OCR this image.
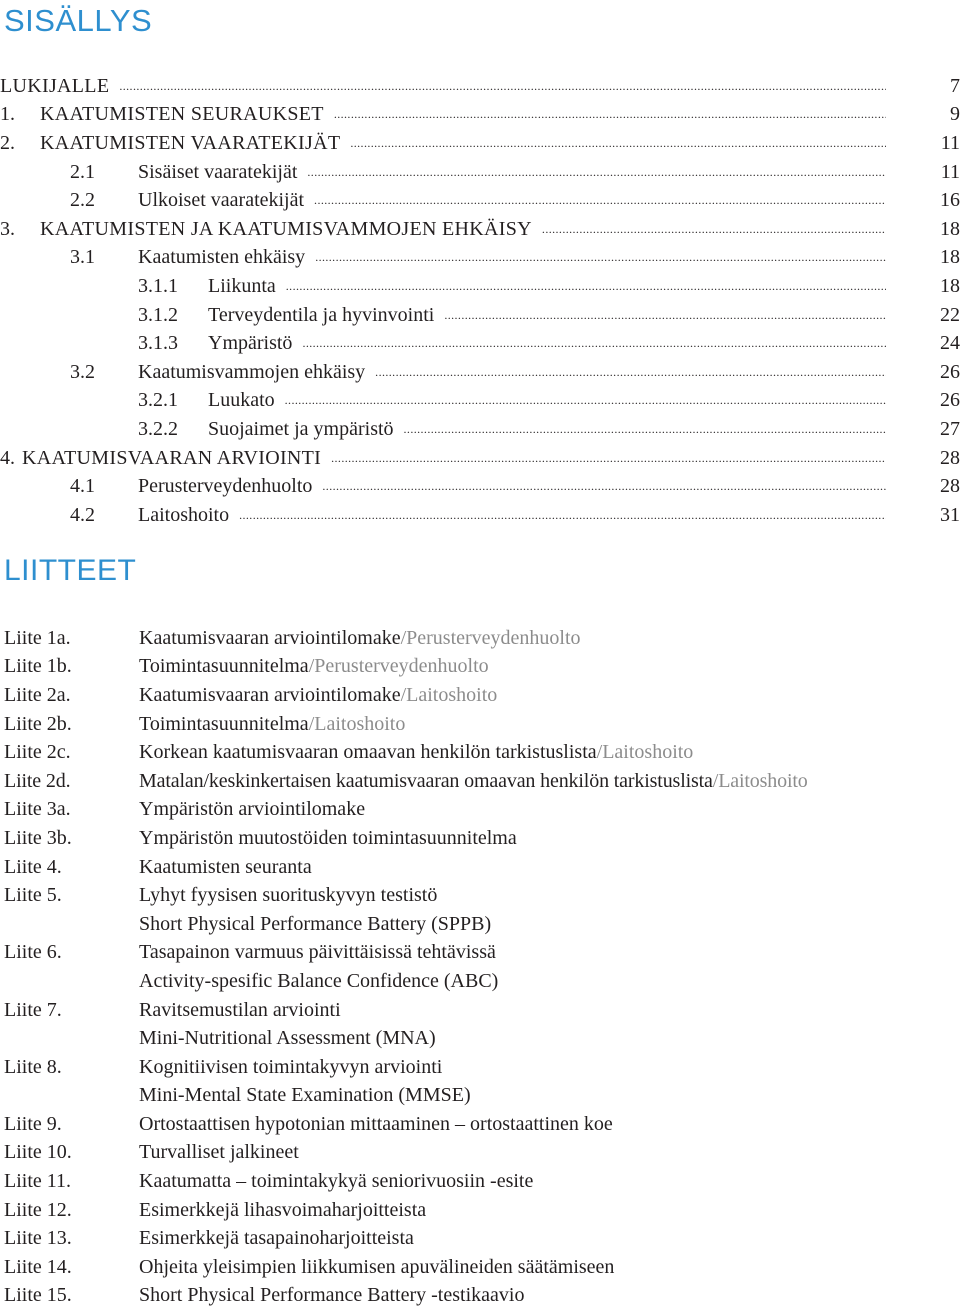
SISÄLLYS
LUKIJALLE .....	7
1.	KAATUMISTEN SEURAUKSET .....	9
2.	KAATUMISTEN VAARATEKIJÄT .....	11
2.1	Sisäiset vaaratekijät .....	11
2.2	Ulkoiset vaaratekijät .....	16
3.	KAATUMISTEN JA KAATUMISVAMMOJEN EHKÄISY .....	18
3.1	Kaatumisten ehkäisy .....	18
3.1.1	Liikunta .....	18
3.1.2	Terveydentila ja hyvinvointi .....	22
3.1.3	Ympäristö .....	24
3.2	Kaatumisvammojen ehkäisy .....	26
3.2.1	Luukato .....	26
3.2.2	Suojaimet ja ympäristö .....	27
4. KAATUMISVAARAN ARVIOINTI .....	28
4.1	Perusterveydenhuolto .....	28
4.2	Laitoshoito .....	31
LIITTEET
Liite 1a.	Kaatumisvaaran arviointilomake / Perusterveydenhuolto
Liite 1b.	Toimintasuunnitelma / Perusterveydenhuolto
Liite 2a.	Kaatumisvaaran arviointilomake / Laitoshoito
Liite 2b.	Toimintasuunnitelma / Laitoshoito
Liite 2c.	Korkean kaatumisvaaran omaavan henkilön tarkistuslista / Laitoshoito
Liite 2d.	Matalan/keskinkertaisen kaatumisvaaran omaavan henkilön tarkistuslista / Laitoshoito
Liite 3a.	Ympäristön arviointilomake
Liite 3b.	Ympäristön muutostöiden toimintasuunnitelma
Liite 4.	Kaatumisten seuranta
Liite 5.	Lyhyt fyysisen suorituskyvyn testistö
Short Physical Performance Battery (SPPB)
Liite 6.	Tasapainon varmuus päivittäisissä tehtävissä
Activity-spesific Balance Confidence (ABC)
Liite 7.	Ravitsemustilan arviointi
Mini-Nutritional Assessment (MNA)
Liite 8.	Kognitiivisen toimintakyvyn arviointi
Mini-Mental State Examination (MMSE)
Liite 9.	Ortostaattisen hypotonian mittaaminen – ortostaattinen koe
Liite 10.	Turvalliset jalkineet
Liite 11.	Kaatumatta – toimintakykyä seniorivuosiin -esite
Liite 12.	Esimerkkejä lihasvoimaharjoitteista
Liite 13.	Esimerkkejä tasapainoharjoitteista
Liite 14.	Ohjeita yleisimpien liikkumisen apuvälineiden säätämiseen
Liite 15.	Short Physical Performance Battery -testikaavio
